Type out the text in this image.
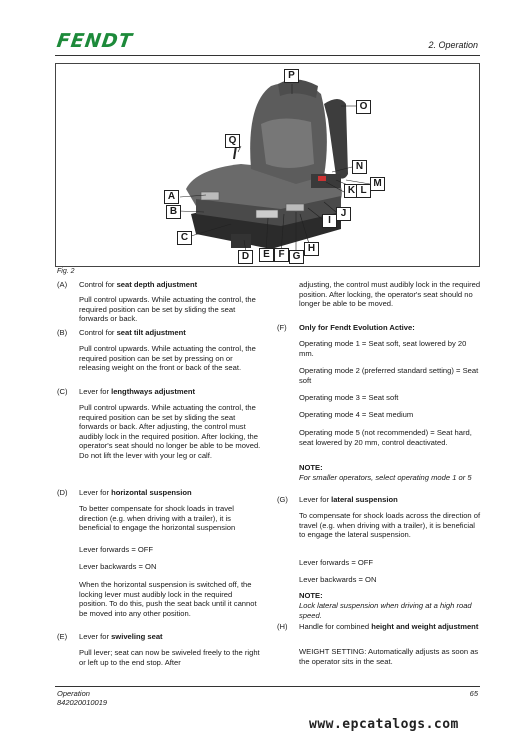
FENDT	2. Operation
P
O
Q
N
M
K L
A
J
B
I
C
D	E F G
H
Fig. 2
(A) Control for seat depth adjustment
Pull control upwards. While actuating the control, the required position can be set by sliding the seat forwards or back.
(B) Control for seat tilt adjustment
Pull control upwards. While actuating the control, the required position can be set by pressing on or releasing weight on the front or back of the seat.
(C) Lever for lengthways adjustment
Pull control upwards. While actuating the control, the required position can be set by sliding the seat forwards or back. After adjusting, the control must audibly lock in the required position. After locking, the operator's seat should no longer be able to be moved. Do not lift the lever with your leg or calf.
(D) Lever for horizontal suspension
To better compensate for shock loads in travel direction (e.g. when driving with a trailer), it is beneficial to engage the horizontal suspension
Lever forwards = OFF
Lever backwards = ON
When the horizontal suspension is switched off, the locking lever must audibly lock in the required position. To do this, push the seat back until it cannot be moved into any other position.
(E) Lever for swiveling seat
Pull lever; seat can now be swiveled freely to the right or left up to the end stop. After
adjusting, the control must audibly lock in the required position. After locking, the operator's seat should no longer be able to be moved.
(F) Only for Fendt Evolution Active:
Operating mode 1 = Seat soft, seat lowered by 20 mm.
Operating mode 2 (preferred standard setting) = Seat soft
Operating mode 3 = Seat soft
Operating mode 4 = Seat medium
Operating mode 5 (not recommended) = Seat hard, seat lowered by 20 mm, control deactivated.
NOTE:
For smaller operators, select operating mode 1 or 5
(G) Lever for lateral suspension
To compensate for shock loads across the direction of travel (e.g. when driving with a trailer), it is beneficial to engage the lateral suspension.
Lever forwards = OFF
Lever backwards = ON
NOTE:
Lock lateral suspension when driving at a high road speed.
(H) Handle for combined height and weight adjustment
WEIGHT SETTING: Automatically adjusts as soon as the operator sits in the seat.
Operation
842020010019
65
www.epcatalogs.com
